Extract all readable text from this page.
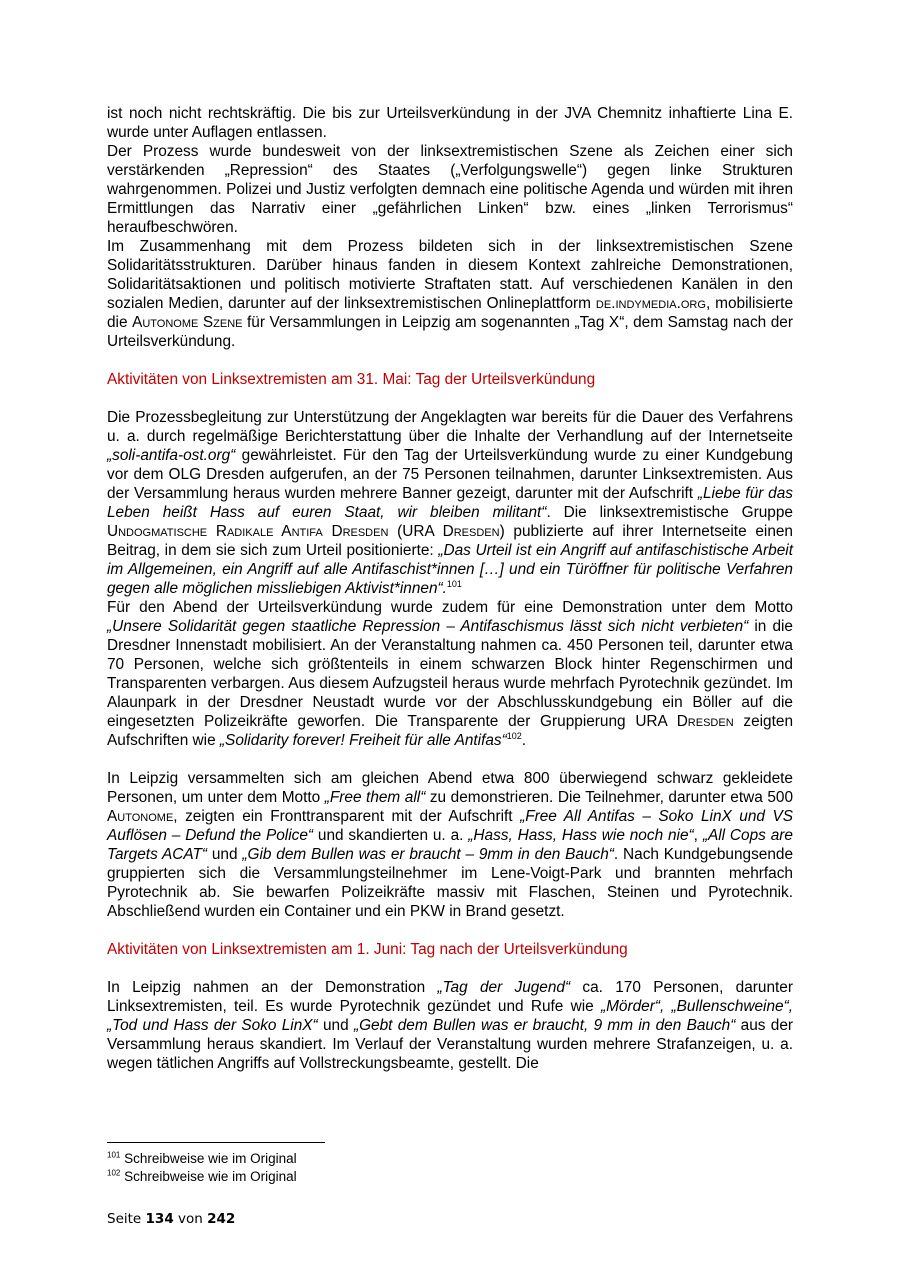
ist noch nicht rechtskräftig. Die bis zur Urteilsverkündung in der JVA Chemnitz inhaftierte Lina E. wurde unter Auflagen entlassen.

Der Prozess wurde bundesweit von der linksextremistischen Szene als Zeichen einer sich verstärkenden „Repression“ des Staates („Verfolgungswelle“) gegen linke Strukturen wahrgenommen. Polizei und Justiz verfolgten demnach eine politische Agenda und würden mit ihren Ermittlungen das Narrativ einer „gefährlichen Linken“ bzw. eines „linken Terrorismus“ heraufbeschwören.

Im Zusammenhang mit dem Prozess bildeten sich in der linksextremistischen Szene Solidaritätsstrukturen. Darüber hinaus fanden in diesem Kontext zahlreiche Demonstrationen, Solidaritätsaktionen und politisch motivierte Straftaten statt. Auf verschiedenen Kanälen in den sozialen Medien, darunter auf der linksextremistischen Onlineplattform de.indymedia.org, mobilisierte die Autonome Szene für Versammlungen in Leipzig am sogenannten „Tag X“, dem Samstag nach der Urteilsverkündung.

Aktivitäten von Linksextremisten am 31. Mai: Tag der Urteilsverkündung

Die Prozessbegleitung zur Unterstützung der Angeklagten war bereits für die Dauer des Verfahrens u. a. durch regelmäßige Berichterstattung über die Inhalte der Verhandlung auf der Internetseite „soli-antifa-ost.org“ gewährleistet. Für den Tag der Urteilsverkündung wurde zu einer Kundgebung vor dem OLG Dresden aufgerufen, an der 75 Personen teilnahmen, darunter Linksextremisten. Aus der Versammlung heraus wurden mehrere Banner gezeigt, darunter mit der Aufschrift „Liebe für das Leben heißt Hass auf euren Staat, wir bleiben militant“. Die linksextremistische Gruppe Undogmatische Radikale Antifa Dresden (URA Dresden) publizierte auf ihrer Internetseite einen Beitrag, in dem sie sich zum Urteil positionierte: „Das Urteil ist ein Angriff auf antifaschistische Arbeit im Allgemeinen, ein Angriff auf alle Antifaschist*innen […] und ein Türöffner für politische Verfahren gegen alle möglichen missliebigen Aktivist*innen“.$^{101}$

Für den Abend der Urteilsverkündung wurde zudem für eine Demonstration unter dem Motto „Unsere Solidarität gegen staatliche Repression – Antifaschismus lässt sich nicht verbieten“ in die Dresdner Innenstadt mobilisiert. An der Veranstaltung nahmen ca. 450 Personen teil, darunter etwa 70 Personen, welche sich größtenteils in einem schwarzen Block hinter Regenschirmen und Transparenten verbargen. Aus diesem Aufzugsteil heraus wurde mehrfach Pyrotechnik gezündet. Im Alaunpark in der Dresdner Neustadt wurde vor der Abschlusskundgebung ein Böller auf die eingesetzten Polizeikräfte geworfen. Die Transparente der Gruppierung URA Dresden zeigten Aufschriften wie „Solidarity forever! Freiheit für alle Antifas“$^{102}$.

In Leipzig versammelten sich am gleichen Abend etwa 800 überwiegend schwarz gekleidete Personen, um unter dem Motto „Free them all“ zu demonstrieren. Die Teilnehmer, darunter etwa 500 Autonome, zeigten ein Fronttransparent mit der Aufschrift „Free All Antifas – Soko LinX und VS Auflösen – Defund the Police“ und skandierten u. a. „Hass, Hass, Hass wie noch nie“, „All Cops are Targets ACAT“ und „Gib dem Bullen was er braucht – 9mm in den Bauch“. Nach Kundgebungsende gruppierten sich die Versammlungsteilnehmer im Lene-Voigt-Park und brannten mehrfach Pyrotechnik ab. Sie bewarfen Polizeikräfte massiv mit Flaschen, Steinen und Pyrotechnik. Abschließend wurden ein Container und ein PKW in Brand gesetzt.

Aktivitäten von Linksextremisten am 1. Juni: Tag nach der Urteilsverkündung

In Leipzig nahmen an der Demonstration „Tag der Jugend“ ca. 170 Personen, darunter Linksextremisten, teil. Es wurde Pyrotechnik gezündet und Rufe wie „Mörder“, „Bullenschweine“, „Tod und Hass der Soko LinX“ und „Gebt dem Bullen was er braucht, 9 mm in den Bauch“ aus der Versammlung heraus skandiert. Im Verlauf der Veranstaltung wurden mehrere Strafanzeigen, u. a. wegen tätlichen Angriffs auf Vollstreckungsbeamte, gestellt. Die

$^{101}$ Schreibweise wie im Original
$^{102}$ Schreibweise wie im Original
Seite 134 von 242
